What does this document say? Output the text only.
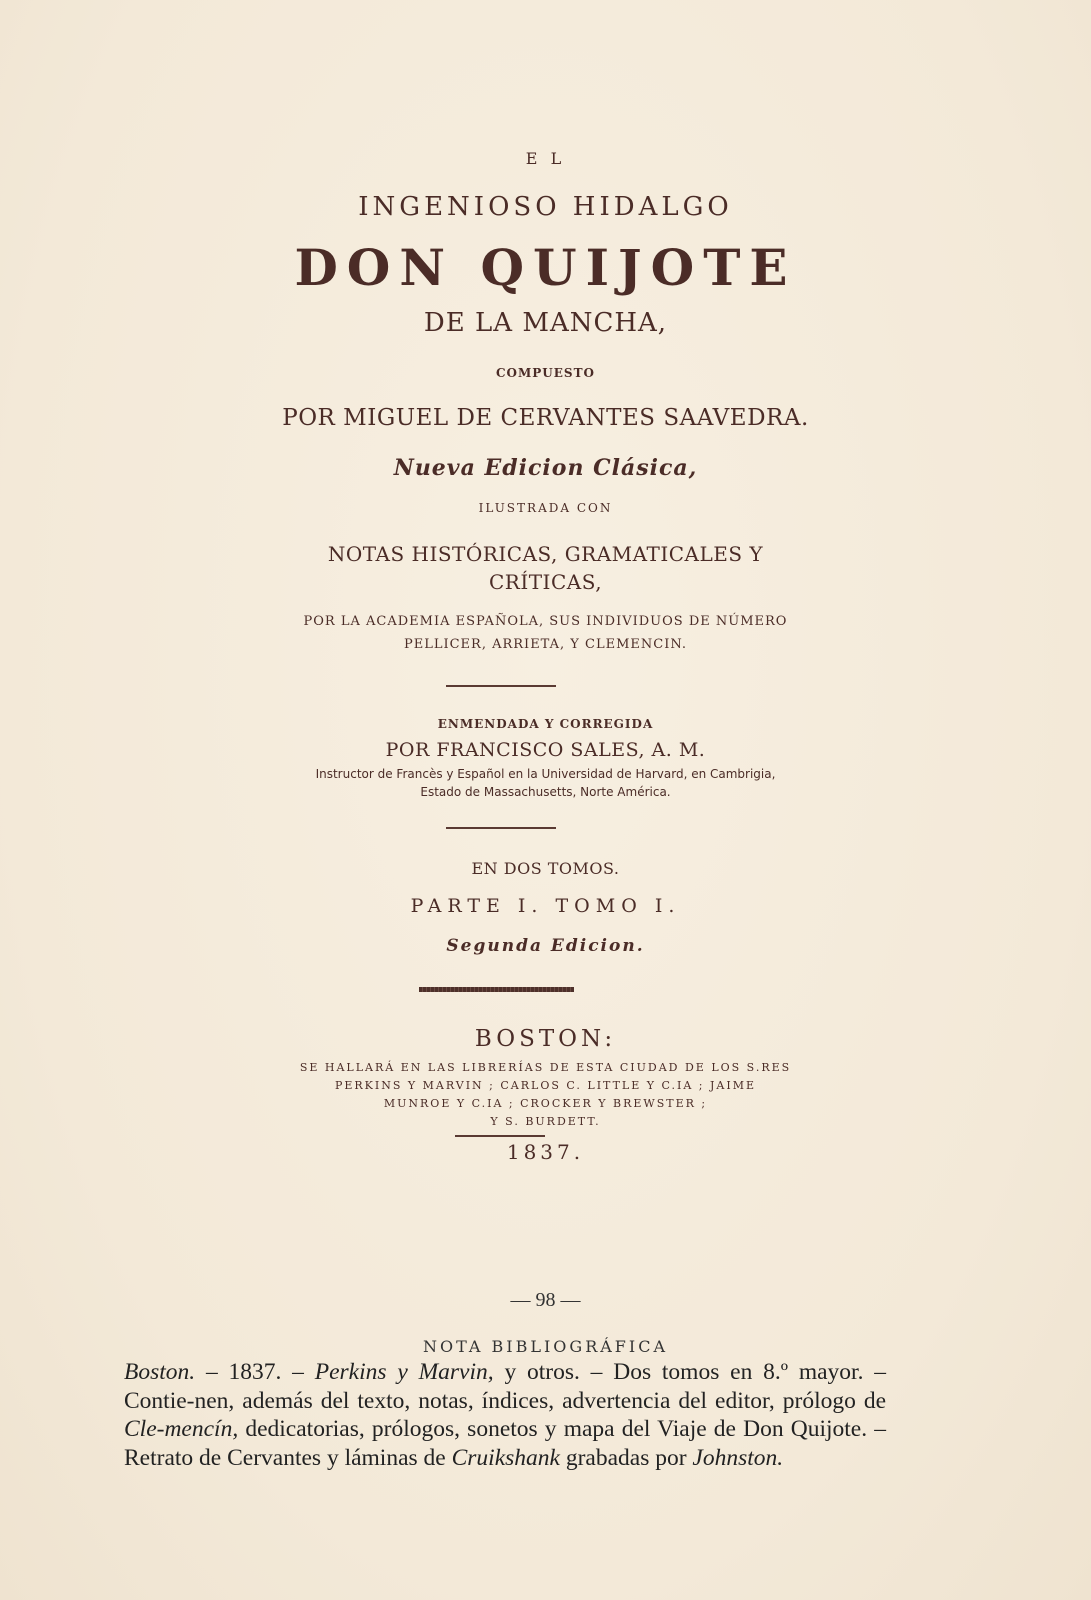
E L
INGENIOSO HIDALGO
DON QUIJOTE
DE LA MANCHA,
COMPUESTO
POR MIGUEL DE CERVANTES SAAVEDRA.
Nueva Edicion Clásica,
ILUSTRADA CON
NOTAS HISTÓRICAS, GRAMATICALES Y
CRÍTICAS,
POR LA ACADEMIA ESPAÑOLA, SUS INDIVIDUOS DE NÚMERO
PELLICER, ARRIETA, Y CLEMENCIN.
ENMENDADA Y CORREGIDA
POR FRANCISCO SALES, A. M.
Instructor de Francès y Español en la Universidad de Harvard, en Cambrigia,
Estado de Massachusetts, Norte América.
EN DOS TOMOS.
PARTE I. TOMO I.
Segunda Edicion.
BOSTON:
SE HALLARÁ EN LAS LIBRERÍAS DE ESTA CIUDAD DE LOS S.RES
PERKINS Y MARVIN ; CARLOS C. LITTLE Y C.IA ; JAIME
MUNROE Y C.IA ; CROCKER Y BREWSTER ;
Y S. BURDETT.
1837.
— 98 —
NOTA BIBLIOGRÁFICA
Boston. – 1837. – Perkins y Marvin, y otros. – Dos tomos en 8.º mayor. – Contie-nen, además del texto, notas, índices, advertencia del editor, prólogo de Cle-mencín, dedicatorias, prólogos, sonetos y mapa del Viaje de Don Quijote. – Retrato de Cervantes y láminas de Cruikshank grabadas por Johnston.
